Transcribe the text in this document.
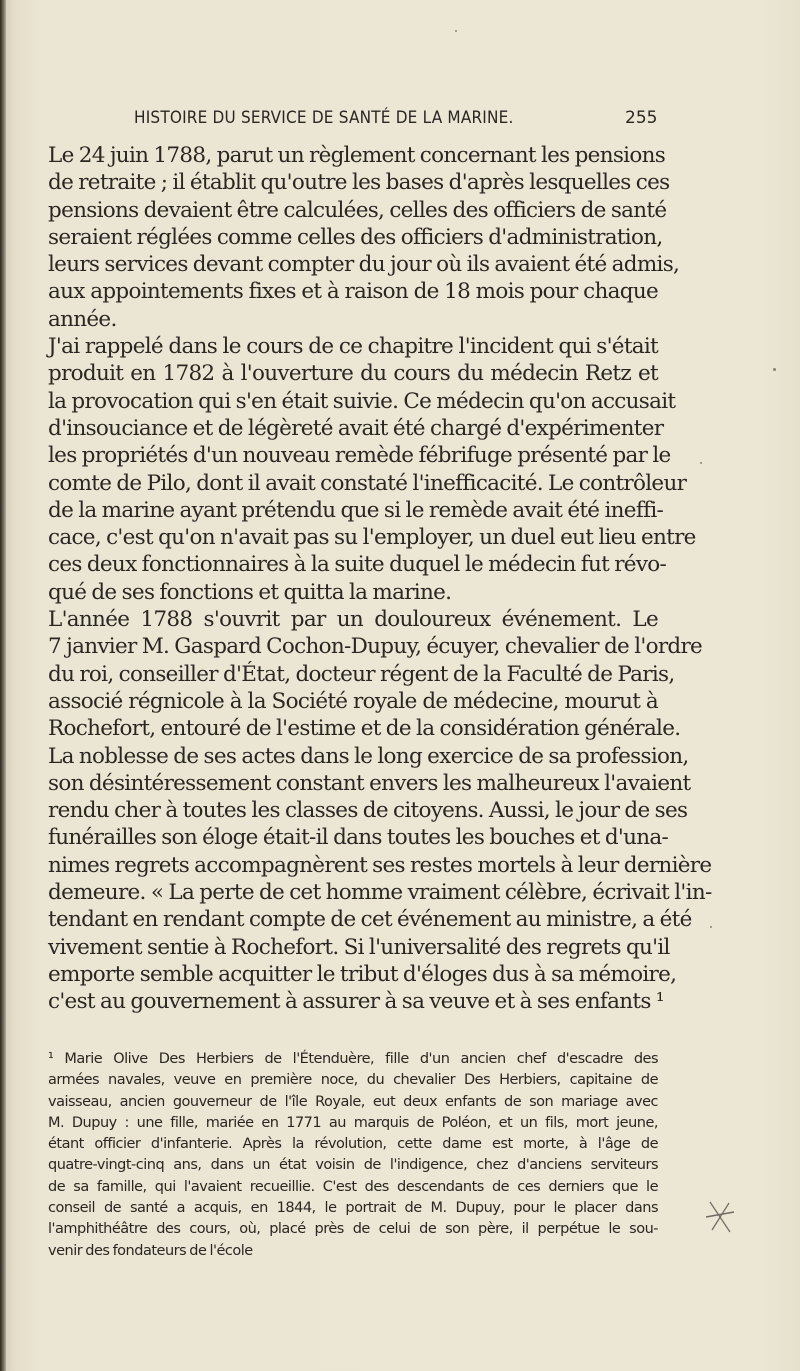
HISTOIRE DU SERVICE DE SANTÉ DE LA MARINE.	255
Le 24 juin 1788, parut un règlement concernant les pensions
de retraite ; il établit qu'outre les bases d'après lesquelles ces
pensions devaient être calculées, celles des officiers de santé
seraient réglées comme celles des officiers d'administration,
leurs services devant compter du jour où ils avaient été admis,
aux appointements fixes et à raison de 18 mois pour chaque
année.
J'ai rappelé dans le cours de ce chapitre l'incident qui s'était
produit en 1782 à l'ouverture du cours du médecin Retz et
la provocation qui s'en était suivie. Ce médecin qu'on accusait
d'insouciance et de légèreté avait été chargé d'expérimenter
les propriétés d'un nouveau remède fébrifuge présenté par le
comte de Pilo, dont il avait constaté l'inefficacité. Le contrôleur
de la marine ayant prétendu que si le remède avait été ineffi-
cace, c'est qu'on n'avait pas su l'employer, un duel eut lieu entre
ces deux fonctionnaires à la suite duquel le médecin fut révo-
qué de ses fonctions et quitta la marine.
L'année 1788 s'ouvrit par un douloureux événement. Le
7 janvier M. Gaspard Cochon-Dupuy, écuyer, chevalier de l'ordre
du roi, conseiller d'État, docteur régent de la Faculté de Paris,
associé régnicole à la Société royale de médecine, mourut à
Rochefort, entouré de l'estime et de la considération générale.
La noblesse de ses actes dans le long exercice de sa profession,
son désintéressement constant envers les malheureux l'avaient
rendu cher à toutes les classes de citoyens. Aussi, le jour de ses
funérailles son éloge était-il dans toutes les bouches et d'una-
nimes regrets accompagnèrent ses restes mortels à leur dernière
demeure. « La perte de cet homme vraiment célèbre, écrivait l'in-
tendant en rendant compte de cet événement au ministre, a été
vivement sentie à Rochefort. Si l'universalité des regrets qu'il
emporte semble acquitter le tribut d'éloges dus à sa mémoire,
c'est au gouvernement à assurer à sa veuve et à ses enfants ¹
¹ Marie Olive Des Herbiers de l'Étenduère, fille d'un ancien chef d'escadre des
armées navales, veuve en première noce, du chevalier Des Herbiers, capitaine de
vaisseau, ancien gouverneur de l'île Royale, eut deux enfants de son mariage avec
M. Dupuy : une fille, mariée en 1771 au marquis de Poléon, et un fils, mort jeune,
étant officier d'infanterie. Après la révolution, cette dame est morte, à l'âge de
quatre-vingt-cinq ans, dans un état voisin de l'indigence, chez d'anciens serviteurs
de sa famille, qui l'avaient recueillie. C'est des descendants de ces derniers que le
conseil de santé a acquis, en 1844, le portrait de M. Dupuy, pour le placer dans
l'amphithéâtre des cours, où, placé près de celui de son père, il perpétue le sou-
venir des fondateurs de l'école
